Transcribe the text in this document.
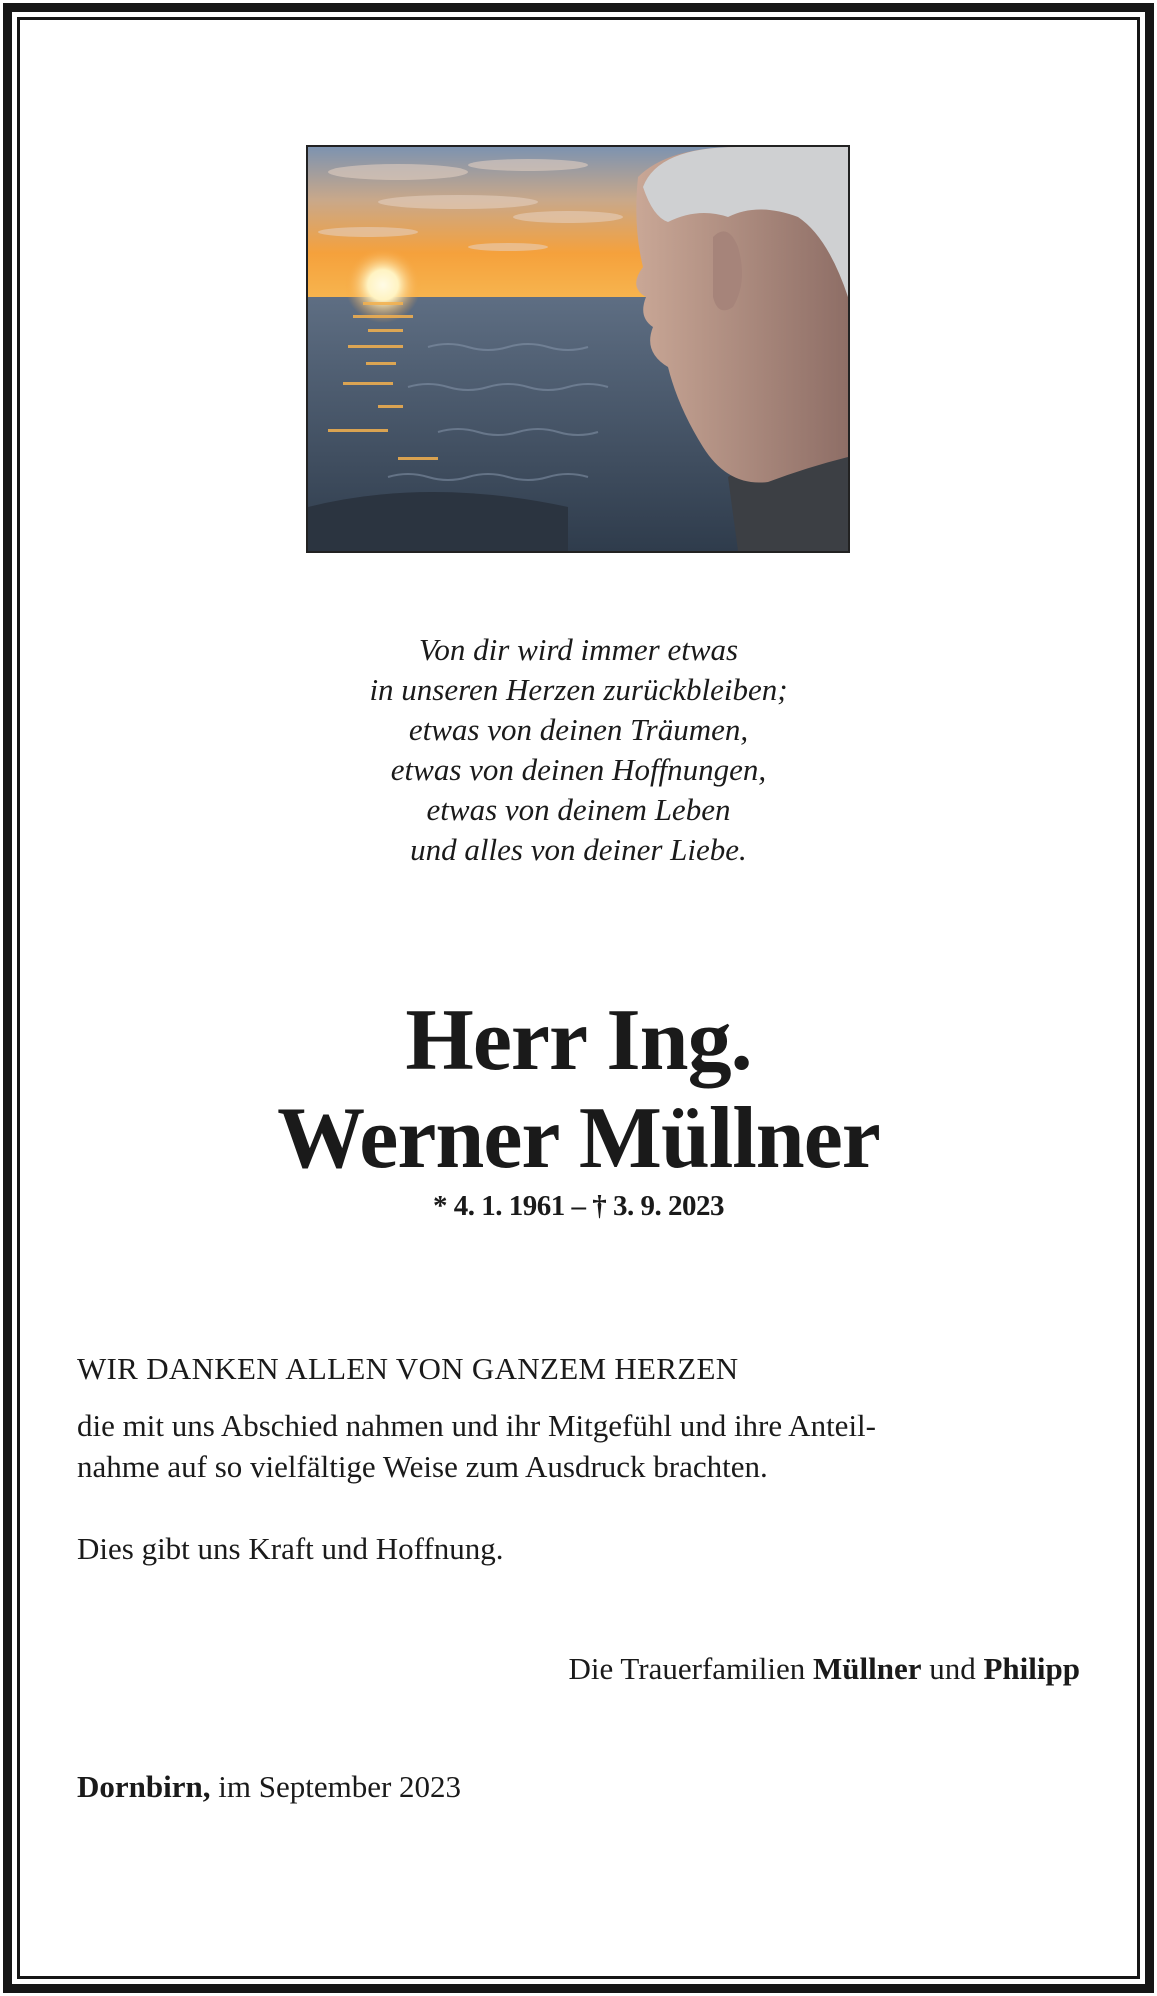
Von dir wird immer etwas
in unseren Herzen zurückbleiben;
etwas von deinen Träumen,
etwas von deinen Hoffnungen,
etwas von deinem Leben
und alles von deiner Liebe.
Herr Ing.
Werner Müllner
* 4. 1. 1961 – † 3. 9. 2023
WIR DANKEN ALLEN VON GANZEM HERZEN
die mit uns Abschied nahmen und ihr Mitgefühl und ihre Anteil-
nahme auf so vielfältige Weise zum Ausdruck brachten.
Dies gibt uns Kraft und Hoffnung.
Die Trauerfamilien Müllner und Philipp
Dornbirn, im September 2023
